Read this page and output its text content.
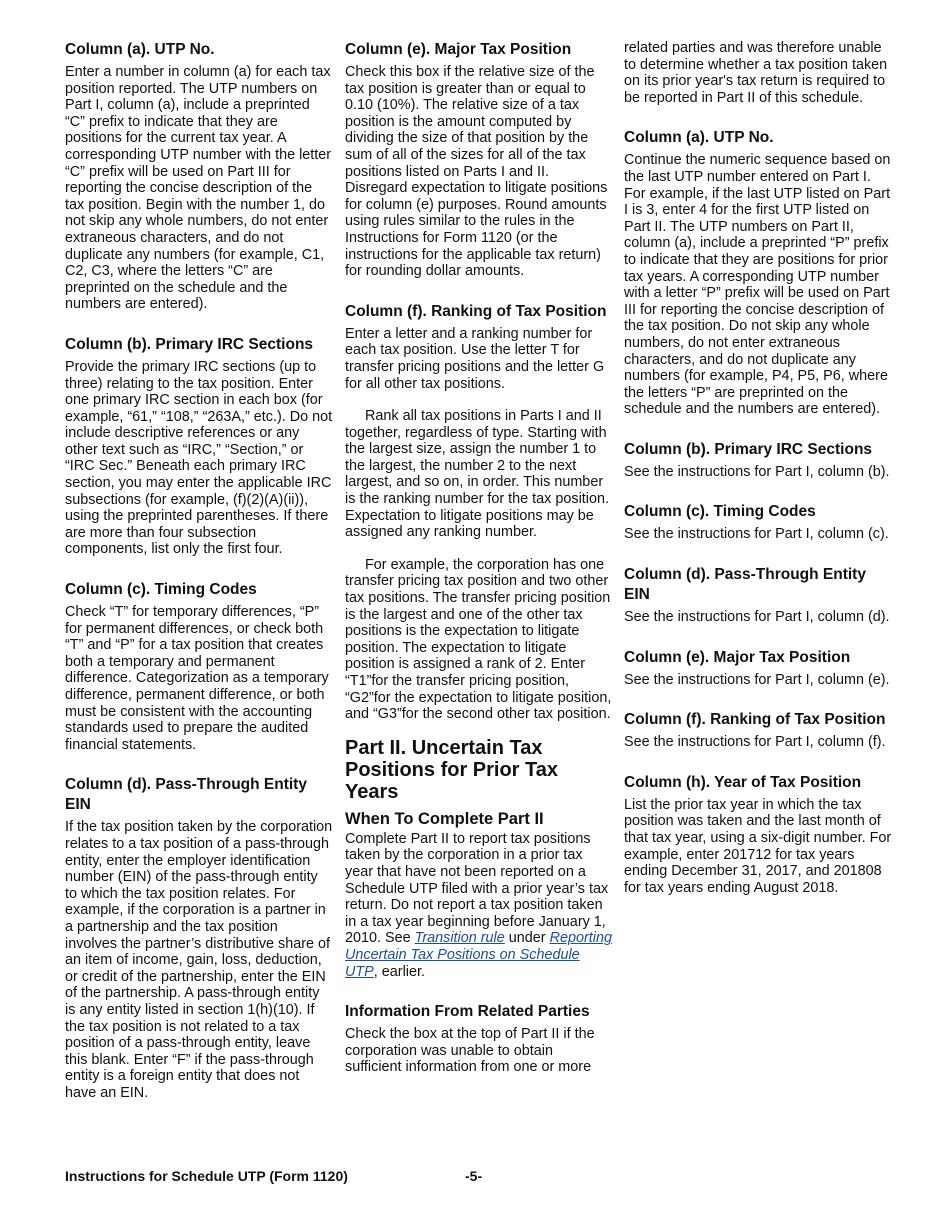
Column (a). UTP No.
Enter a number in column (a) for each tax position reported. The UTP numbers on Part I, column (a), include a preprinted “C” prefix to indicate that they are positions for the current tax year. A corresponding UTP number with the letter “C” prefix will be used on Part III for reporting the concise description of the tax position. Begin with the number 1, do not skip any whole numbers, do not enter extraneous characters, and do not duplicate any numbers (for example, C1, C2, C3, where the letters “C” are preprinted on the schedule and the numbers are entered).
Column (b). Primary IRC Sections
Provide the primary IRC sections (up to three) relating to the tax position. Enter one primary IRC section in each box (for example, “61,” “108,” “263A,” etc.). Do not include descriptive references or any other text such as “IRC,” “Section,” or “IRC Sec.” Beneath each primary IRC section, you may enter the applicable IRC subsections (for example, (f)(2)(A)(ii)), using the preprinted parentheses. If there are more than four subsection components, list only the first four.
Column (c). Timing Codes
Check “T” for temporary differences, “P” for permanent differences, or check both “T” and “P” for a tax position that creates both a temporary and permanent difference. Categorization as a temporary difference, permanent difference, or both must be consistent with the accounting standards used to prepare the audited financial statements.
Column (d). Pass-Through Entity EIN
If the tax position taken by the corporation relates to a tax position of a pass-through entity, enter the employer identification number (EIN) of the pass-through entity to which the tax position relates. For example, if the corporation is a partner in a partnership and the tax position involves the partner’s distributive share of an item of income, gain, loss, deduction, or credit of the partnership, enter the EIN of the partnership. A pass-through entity is any entity listed in section 1(h)(10). If the tax position is not related to a tax position of a pass-through entity, leave this blank. Enter “F” if the pass-through entity is a foreign entity that does not have an EIN.
Column (e). Major Tax Position
Check this box if the relative size of the tax position is greater than or equal to 0.10 (10%). The relative size of a tax position is the amount computed by dividing the size of that position by the sum of all of the sizes for all of the tax positions listed on Parts I and II. Disregard expectation to litigate positions for column (e) purposes. Round amounts using rules similar to the rules in the Instructions for Form 1120 (or the instructions for the applicable tax return) for rounding dollar amounts.
Column (f). Ranking of Tax Position
Enter a letter and a ranking number for each tax position. Use the letter T for transfer pricing positions and the letter G for all other tax positions.
Rank all tax positions in Parts I and II together, regardless of type. Starting with the largest size, assign the number 1 to the largest, the number 2 to the next largest, and so on, in order. This number is the ranking number for the tax position. Expectation to litigate positions may be assigned any ranking number.
For example, the corporation has one transfer pricing tax position and two other tax positions. The transfer pricing position is the largest and one of the other tax positions is the expectation to litigate position. The expectation to litigate position is assigned a rank of 2. Enter “T1”for the transfer pricing position, “G2”for the expectation to litigate position, and “G3”for the second other tax position.
Part II. Uncertain Tax Positions for Prior Tax Years
When To Complete Part II
Complete Part II to report tax positions taken by the corporation in a prior tax year that have not been reported on a Schedule UTP filed with a prior year’s tax return. Do not report a tax position taken in a tax year beginning before January 1, 2010. See Transition rule under Reporting Uncertain Tax Positions on Schedule UTP, earlier.
Information From Related Parties
Check the box at the top of Part II if the corporation was unable to obtain sufficient information from one or more
related parties and was therefore unable to determine whether a tax position taken on its prior year's tax return is required to be reported in Part II of this schedule.
Column (a). UTP No.
Continue the numeric sequence based on the last UTP number entered on Part I. For example, if the last UTP listed on Part I is 3, enter 4 for the first UTP listed on Part II. The UTP numbers on Part II, column (a), include a preprinted “P” prefix to indicate that they are positions for prior tax years. A corresponding UTP number with a letter “P” prefix will be used on Part III for reporting the concise description of the tax position. Do not skip any whole numbers, do not enter extraneous characters, and do not duplicate any numbers (for example, P4, P5, P6, where the letters “P” are preprinted on the schedule and the numbers are entered).
Column (b). Primary IRC Sections
See the instructions for Part I, column (b).
Column (c). Timing Codes
See the instructions for Part I, column (c).
Column (d). Pass-Through Entity EIN
See the instructions for Part I, column (d).
Column (e). Major Tax Position
See the instructions for Part I, column (e).
Column (f). Ranking of Tax Position
See the instructions for Part I, column (f).
Column (h). Year of Tax Position
List the prior tax year in which the tax position was taken and the last month of that tax year, using a six-digit number. For example, enter 201712 for tax years ending December 31, 2017, and 201808 for tax years ending August 2018.
Instructions for Schedule UTP (Form 1120)	-5-
